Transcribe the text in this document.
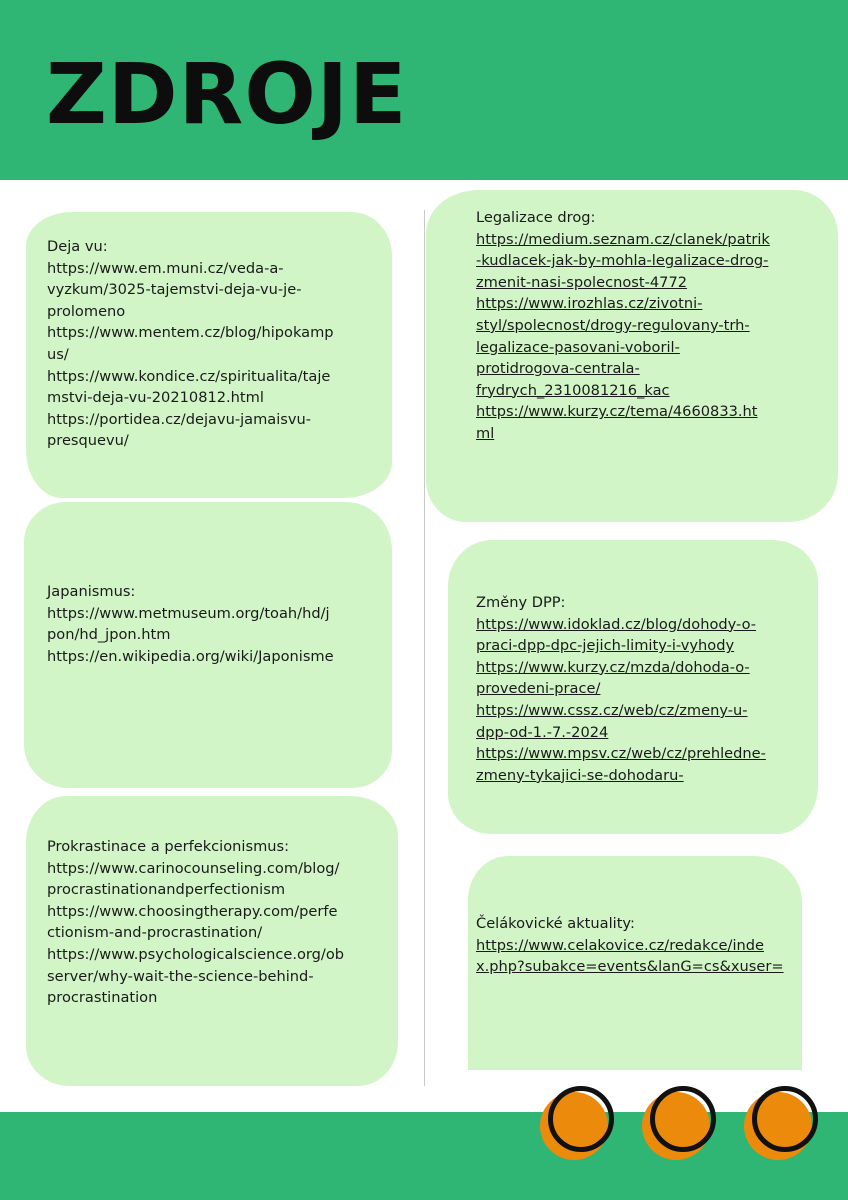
ZDROJE
Deja vu:
https://www.em.muni.cz/veda-a-
vyzkum/3025-tajemstvi-deja-vu-je-
prolomeno
https://www.mentem.cz/blog/hipokamp
us/
https://www.kondice.cz/spiritualita/taje
mstvi-deja-vu-20210812.html
https://portidea.cz/dejavu-jamaisvu-
presquevu/
Japanismus:
https://www.metmuseum.org/toah/hd/j
pon/hd_jpon.htm
https://en.wikipedia.org/wiki/Japonisme
Prokrastinace a perfekcionismus:
https://www.carinocounseling.com/blog/
procrastinationandperfectionism
https://www.choosingtherapy.com/perfe
ctionism-and-procrastination/
https://www.psychologicalscience.org/ob
server/why-wait-the-science-behind-
procrastination
Legalizace drog:
https://medium.seznam.cz/clanek/patrik
-kudlacek-jak-by-mohla-legalizace-drog-
zmenit-nasi-spolecnost-4772
https://www.irozhlas.cz/zivotni-
styl/spolecnost/drogy-regulovany-trh-
legalizace-pasovani-voboril-
protidrogova-centrala-
frydrych_2310081216_kac
https://www.kurzy.cz/tema/4660833.ht
ml
Změny DPP:
https://www.idoklad.cz/blog/dohody-o-
praci-dpp-dpc-jejich-limity-i-vyhody
https://www.kurzy.cz/mzda/dohoda-o-
provedeni-prace/
https://www.cssz.cz/web/cz/zmeny-u-
dpp-od-1.-7.-2024
https://www.mpsv.cz/web/cz/prehledne-
zmeny-tykajici-se-dohodaru-
Čelákovické aktuality:
https://www.celakovice.cz/redakce/inde
x.php?subakce=events&lanG=cs&xuser=
